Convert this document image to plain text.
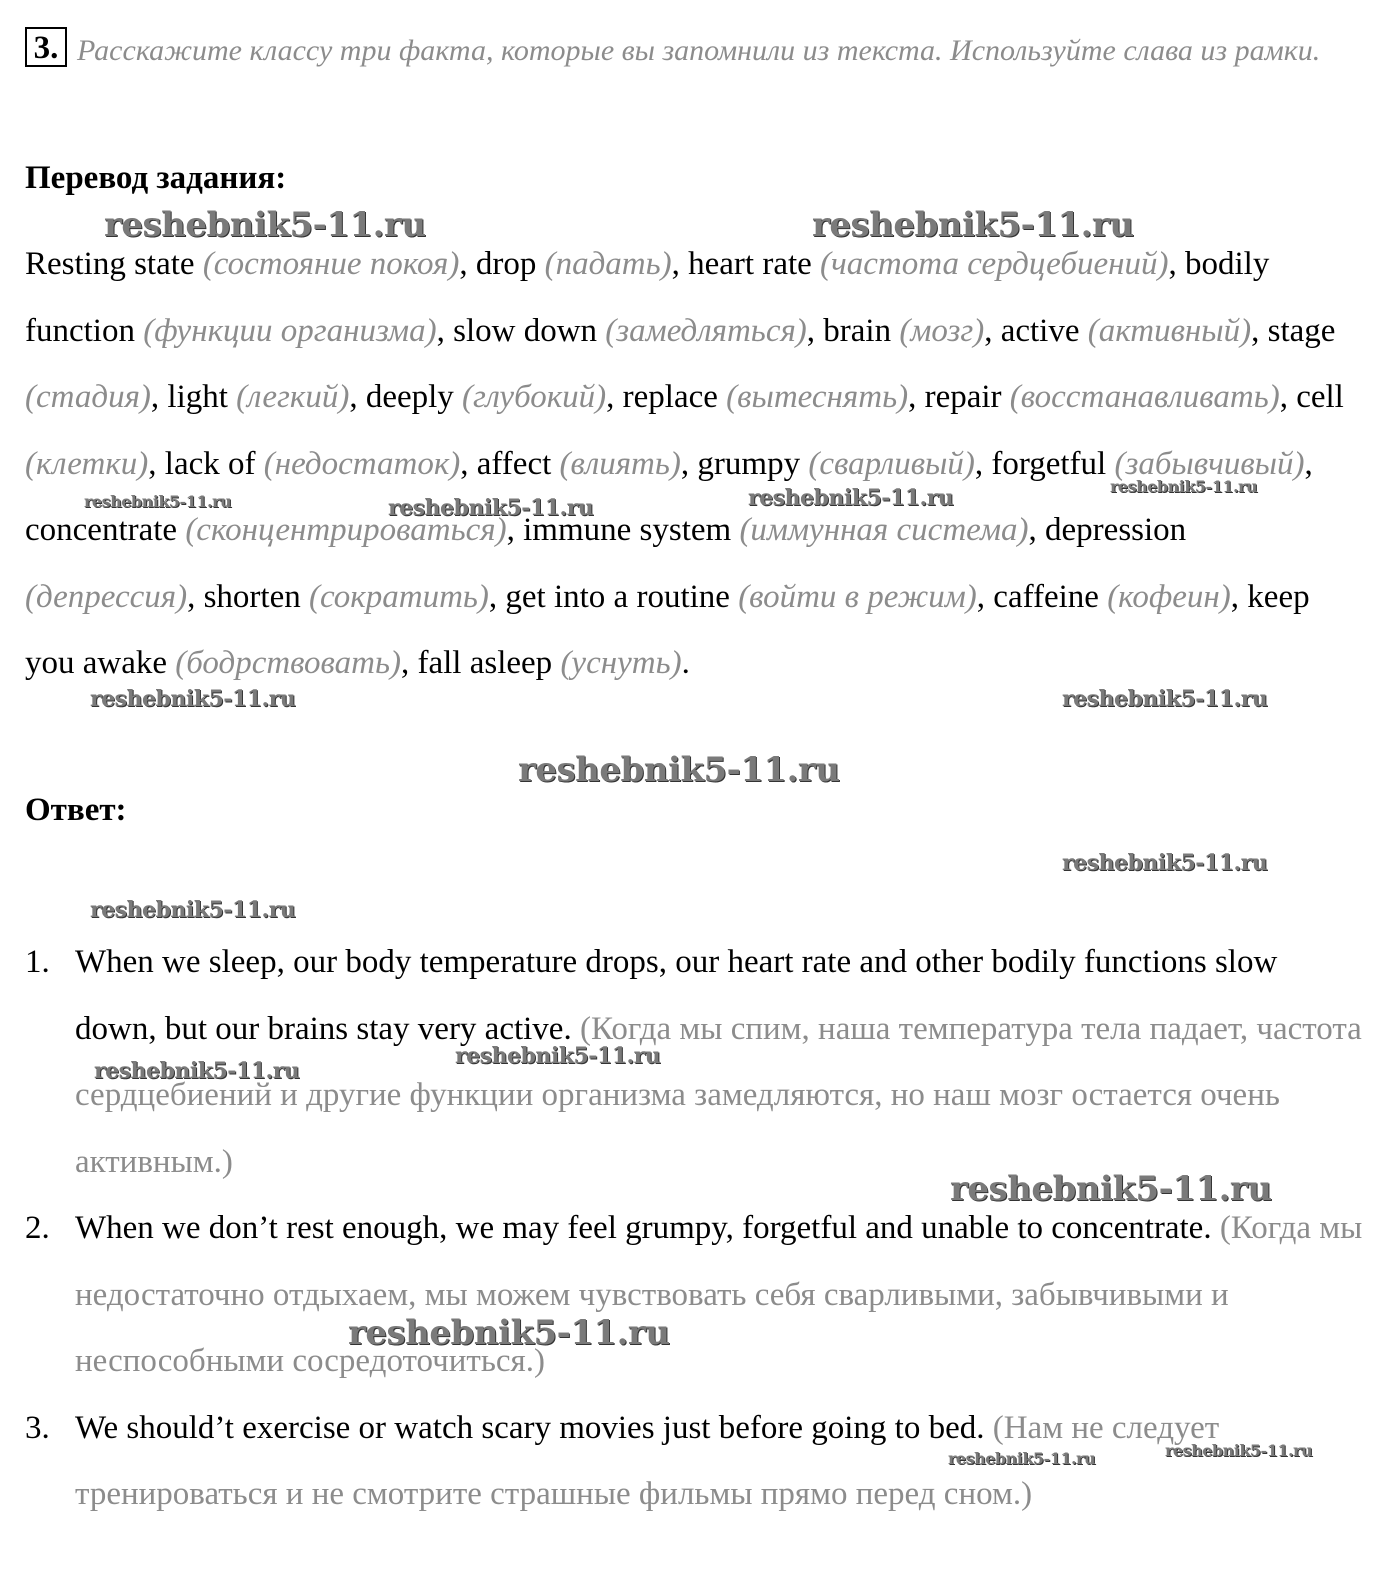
3. Расскажите классу три факта, которые вы запомнили из текста. Используйте слава из рамки.
Перевод задания:
Resting state (состояние покоя), drop (падать), heart rate (частота сердцебиений), bodily function (функции организма), slow down (замедляться), brain (мозг), active (активный), stage (стадия), light (легкий), deeply (глубокий), replace (вытеснять), repair (восстанавливать), cell (клетки), lack of (недостаток), affect (влиять), grumpy (сварливый), forgetful (забывчивый), concentrate (сконцентрироваться), immune system (иммунная система), depression (депрессия), shorten (сократить), get into a routine (войти в режим), caffeine (кофеин), keep you awake (бодрствовать), fall asleep (уснуть).
Ответ:
1. When we sleep, our body temperature drops, our heart rate and other bodily functions slow down, but our brains stay very active. (Когда мы спим, наша температура тела падает, частота сердцебиений и другие функции организма замедляются, но наш мозг остается очень активным.)
2. When we don’t rest enough, we may feel grumpy, forgetful and unable to concentrate. (Когда мы недостаточно отдыхаем, мы можем чувствовать себя сварливыми, забывчивыми и неспособными сосредоточиться.)
3. We should’t exercise or watch scary movies just before going to bed. (Нам не следует тренироваться и не смотрите страшные фильмы прямо перед сном.)
reshebnik5-11.ru	reshebnik5-11.ru
reshebnik5-11.ru	reshebnik5-11.ru	reshebnik5-11.ru	reshebnik5-11.ru
reshebnik5-11.ru	reshebnik5-11.ru
reshebnik5-11.ru
reshebnik5-11.ru
reshebnik5-11.ru
reshebnik5-11.ru
reshebnik5-11.ru
reshebnik5-11.ru
reshebnik5-11.ru
reshebnik5-11.ru	reshebnik5-11.ru
